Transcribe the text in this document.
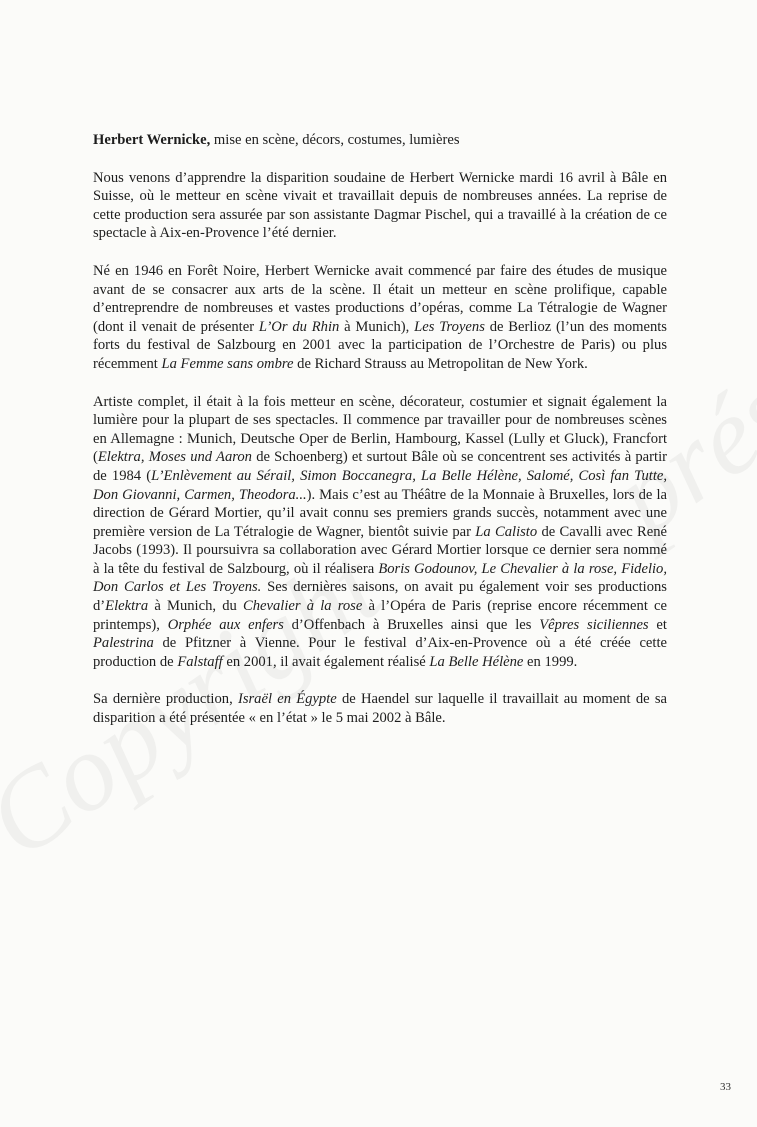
Herbert Wernicke, mise en scène, décors, costumes, lumières

Nous venons d’apprendre la disparition soudaine de Herbert Wernicke mardi 16 avril à Bâle en Suisse, où le metteur en scène vivait et travaillait depuis de nombreuses années. La reprise de cette production sera assurée par son assistante Dagmar Pischel, qui a travaillé à la création de ce spectacle à Aix-en-Provence l’été dernier.

Né en 1946 en Forêt Noire, Herbert Wernicke avait commencé par faire des études de musique avant de se consacrer aux arts de la scène. Il était un metteur en scène prolifique, capable d’entreprendre de nombreuses et vastes productions d’opéras, comme La Tétralogie de Wagner (dont il venait de présenter L’Or du Rhin à Munich), Les Troyens de Berlioz (l’un des moments forts du festival de Salzbourg en 2001 avec la participation de l’Orchestre de Paris) ou plus récemment La Femme sans ombre de Richard Strauss au Metropolitan de New York.

Artiste complet, il était à la fois metteur en scène, décorateur, costumier et signait également la lumière pour la plupart de ses spectacles. Il commence par travailler pour de nombreuses scènes en Allemagne : Munich, Deutsche Oper de Berlin, Hambourg, Kassel (Lully et Gluck), Francfort (Elektra, Moses und Aaron de Schoenberg) et surtout Bâle où se concentrent ses activités à partir de 1984 (L’Enlèvement au Sérail, Simon Boccanegra, La Belle Hélène, Salomé, Così fan Tutte, Don Giovanni, Carmen, Theodora...). Mais c’est au Théâtre de la Monnaie à Bruxelles, lors de la direction de Gérard Mortier, qu’il avait connu ses premiers grands succès, notamment avec une première version de La Tétralogie de Wagner, bientôt suivie par La Calisto de Cavalli avec René Jacobs (1993). Il poursuivra sa collaboration avec Gérard Mortier lorsque ce dernier sera nommé à la tête du festival de Salzbourg, où il réalisera Boris Godounov, Le Chevalier à la rose, Fidelio, Don Carlos et Les Troyens. Ses dernières saisons, on avait pu également voir ses productions d’Elektra à Munich, du Chevalier à la rose à l’Opéra de Paris (reprise encore récemment ce printemps), Orphée aux enfers d’Offenbach à Bruxelles ainsi que les Vêpres siciliennes et Palestrina de Pfitzner à Vienne. Pour le festival d’Aix-en-Provence où a été créée cette production de Falstaff en 2001, il avait également réalisé La Belle Hélène en 1999.

Sa dernière production, Israël en Égypte de Haendel sur laquelle il travaillait au moment de sa disparition a été présentée « en l’état » le 5 mai 2002 à Bâle.

33
